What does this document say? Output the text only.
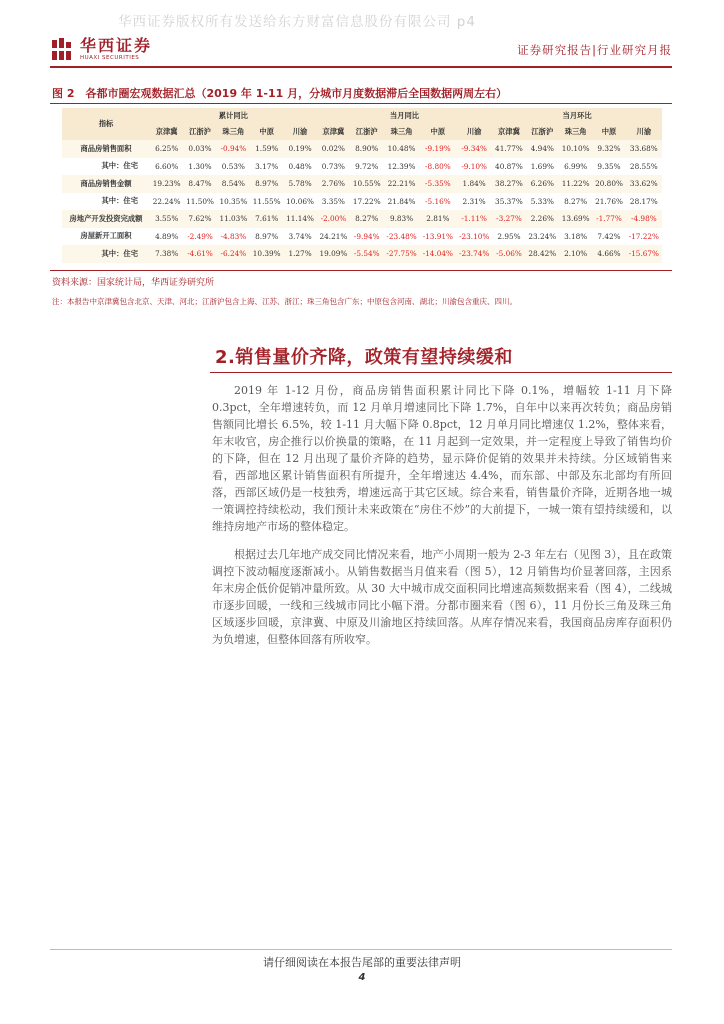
华西证券版权所有发送给东方财富信息股份有限公司 p4
华西证券
HUAXI SECURITIES
证券研究报告|行业研究月报
图 2　各都市圈宏观数据汇总（2019 年 1-11 月，分城市月度数据滞后全国数据两周左右）
指标	累计同比					当月同比					当月环比				
	京津冀	江浙沪	珠三角	中原	川渝	京津冀	江浙沪	珠三角	中原	川渝	京津冀	江浙沪	珠三角	中原	川渝
商品房销售面积	6.25%	0.03%	-0.94%	1.59%	0.19%	0.02%	8.90%	10.48%	-9.19%	-9.34%	41.77%	4.94%	10.10%	9.32%	33.68%
其中：住宅	6.60%	1.30%	0.53%	3.17%	0.48%	0.73%	9.72%	12.39%	-8.80%	-9.10%	40.87%	1.69%	6.99%	9.35%	28.55%
商品房销售金额	19.23%	8.47%	8.54%	8.97%	5.78%	2.76%	10.55%	22.21%	-5.35%	1.84%	38.27%	6.26%	11.22%	20.80%	33.62%
其中：住宅	22.24%	11.50%	10.35%	11.55%	10.06%	3.35%	17.22%	21.84%	-5.16%	2.31%	35.37%	5.33%	8.27%	21.76%	28.17%
房地产开发投资完成额	3.55%	7.62%	11.03%	7.61%	11.14%	-2.00%	8.27%	9.83%	2.81%	-1.11%	-3.27%	2.26%	13.69%	-1.77%	-4.98%
房屋新开工面积	4.89%	-2.49%	-4.83%	8.97%	3.74%	24.21%	-9.94%	-23.48%	-13.91%	-23.10%	2.95%	23.24%	3.18%	7.42%	-17.22%
其中：住宅	7.38%	-4.61%	-6.24%	10.39%	1.27%	19.09%	-5.54%	-27.75%	-14.04%	-23.74%	-5.06%	28.42%	2.10%	4.66%	-15.67%
资料来源：国家统计局，华西证券研究所
注：本报告中京津冀包含北京、天津、河北；江浙沪包含上海、江苏、浙江；珠三角包含广东；中原包含河南、湖北；川渝包含重庆、四川。
2.销售量价齐降，政策有望持续缓和

2019 年 1-12 月份，商品房销售面积累计同比下降 0.1%，增幅较 1-11 月下降 0.3pct，全年增速转负，而 12 月单月增速同比下降 1.7%，自年中以来再次转负；商品房销售额同比增长 6.5%，较 1-11 月大幅下降 0.8pct，12 月单月同比增速仅 1.2%，整体来看，年末收官，房企推行以价换量的策略，在 11 月起到一定效果，并一定程度上导致了销售均价的下降，但在 12 月出现了量价齐降的趋势，显示降价促销的效果并未持续。分区域销售来看，西部地区累计销售面积有所提升，全年增速达 4.4%，而东部、中部及东北部均有所回落，西部区域仍是一枝独秀，增速远高于其它区域。综合来看，销售量价齐降，近期各地一城一策调控持续松动，我们预计未来政策在“房住不炒”的大前提下，一城一策有望持续缓和，以维持房地产市场的整体稳定。

根据过去几年地产成交同比情况来看，地产小周期一般为 2-3 年左右（见图 3），且在政策调控下波动幅度逐渐减小。从销售数据当月值来看（图 5），12 月销售均价显著回落，主因系年末房企低价促销冲量所致。从 30 大中城市成交面积同比增速高频数据来看（图 4），二线城市逐步回暖，一线和三线城市同比小幅下滑。分都市圈来看（图 6），11 月份长三角及珠三角区域逐步回暖，京津冀、中原及川渝地区持续回落。从库存情况来看，我国商品房库存面积仍为负增速，但整体回落有所收窄。

请仔细阅读在本报告尾部的重要法律声明
4
